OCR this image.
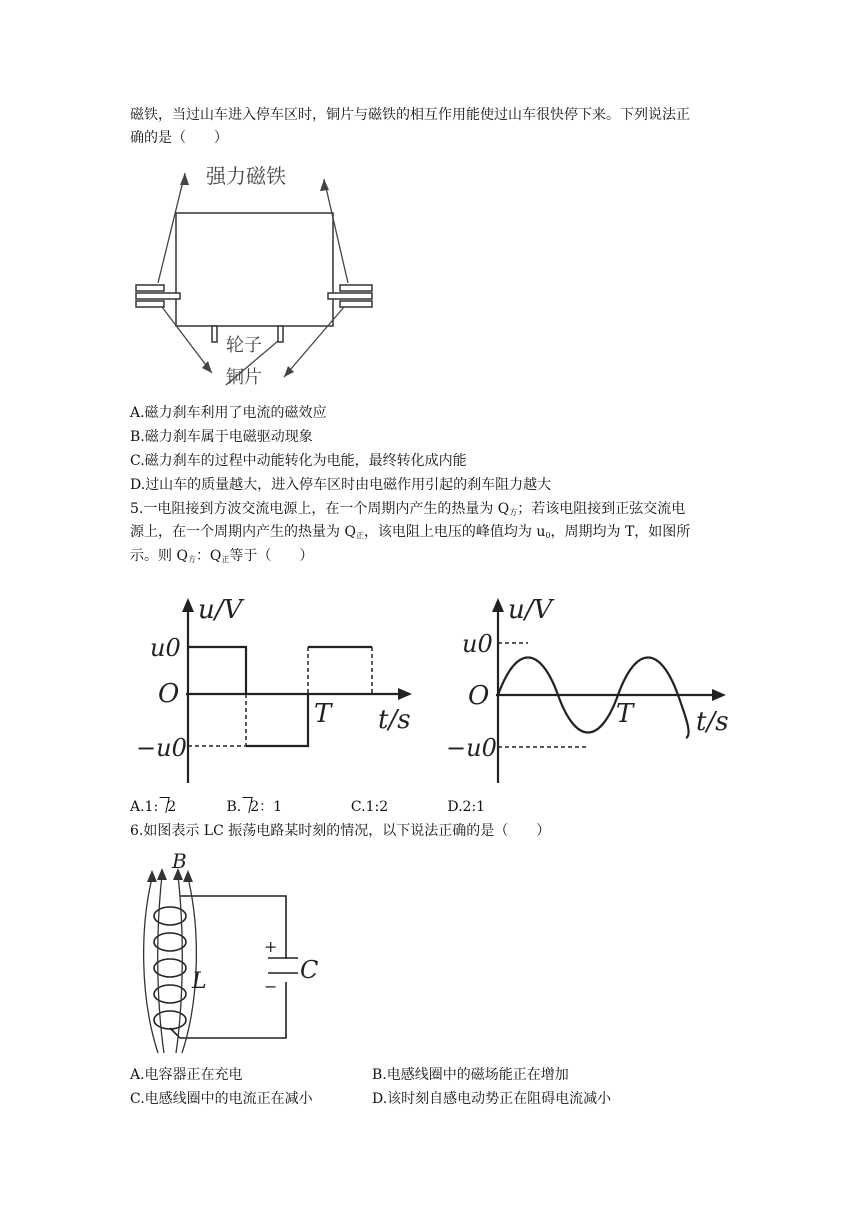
磁铁，当过山车进入停车区时，铜片与磁铁的相互作用能使过山车很快停下来。下列说法正
确的是（　　）
强力磁铁
轮子
铜片
A.磁力刹车利用了电流的磁效应
B.磁力刹车属于电磁驱动现象
C.磁力刹车的过程中动能转化为电能，最终转化成内能
D.过山车的质量越大，进入停车区时由电磁作用引起的刹车阻力越大
5.一电阻接到方波交流电源上，在一个周期内产生的热量为 $Q_方$；若该电阻接到正弦交流电
源上，在一个周期内产生的热量为 $Q_正$，该电阻上电压的峰值均为 $u_0$，周期均为 T，如图所
示。则 $Q_方$：$Q_正$等于（　　）
u/V
t/s
u0
−u0
O
T
u/V
t/s
u0
−u0
O
T
A.1: 2	B. 2：1	C.1:2	D.2:1
6.如图表示 LC 振荡电路某时刻的情况，以下说法正确的是（　　）
B
L	C
+
−
A.电容器正在充电	B.电感线圈中的磁场能正在增加
C.电感线圈中的电流正在减小	D.该时刻自感电动势正在阻碍电流减小
